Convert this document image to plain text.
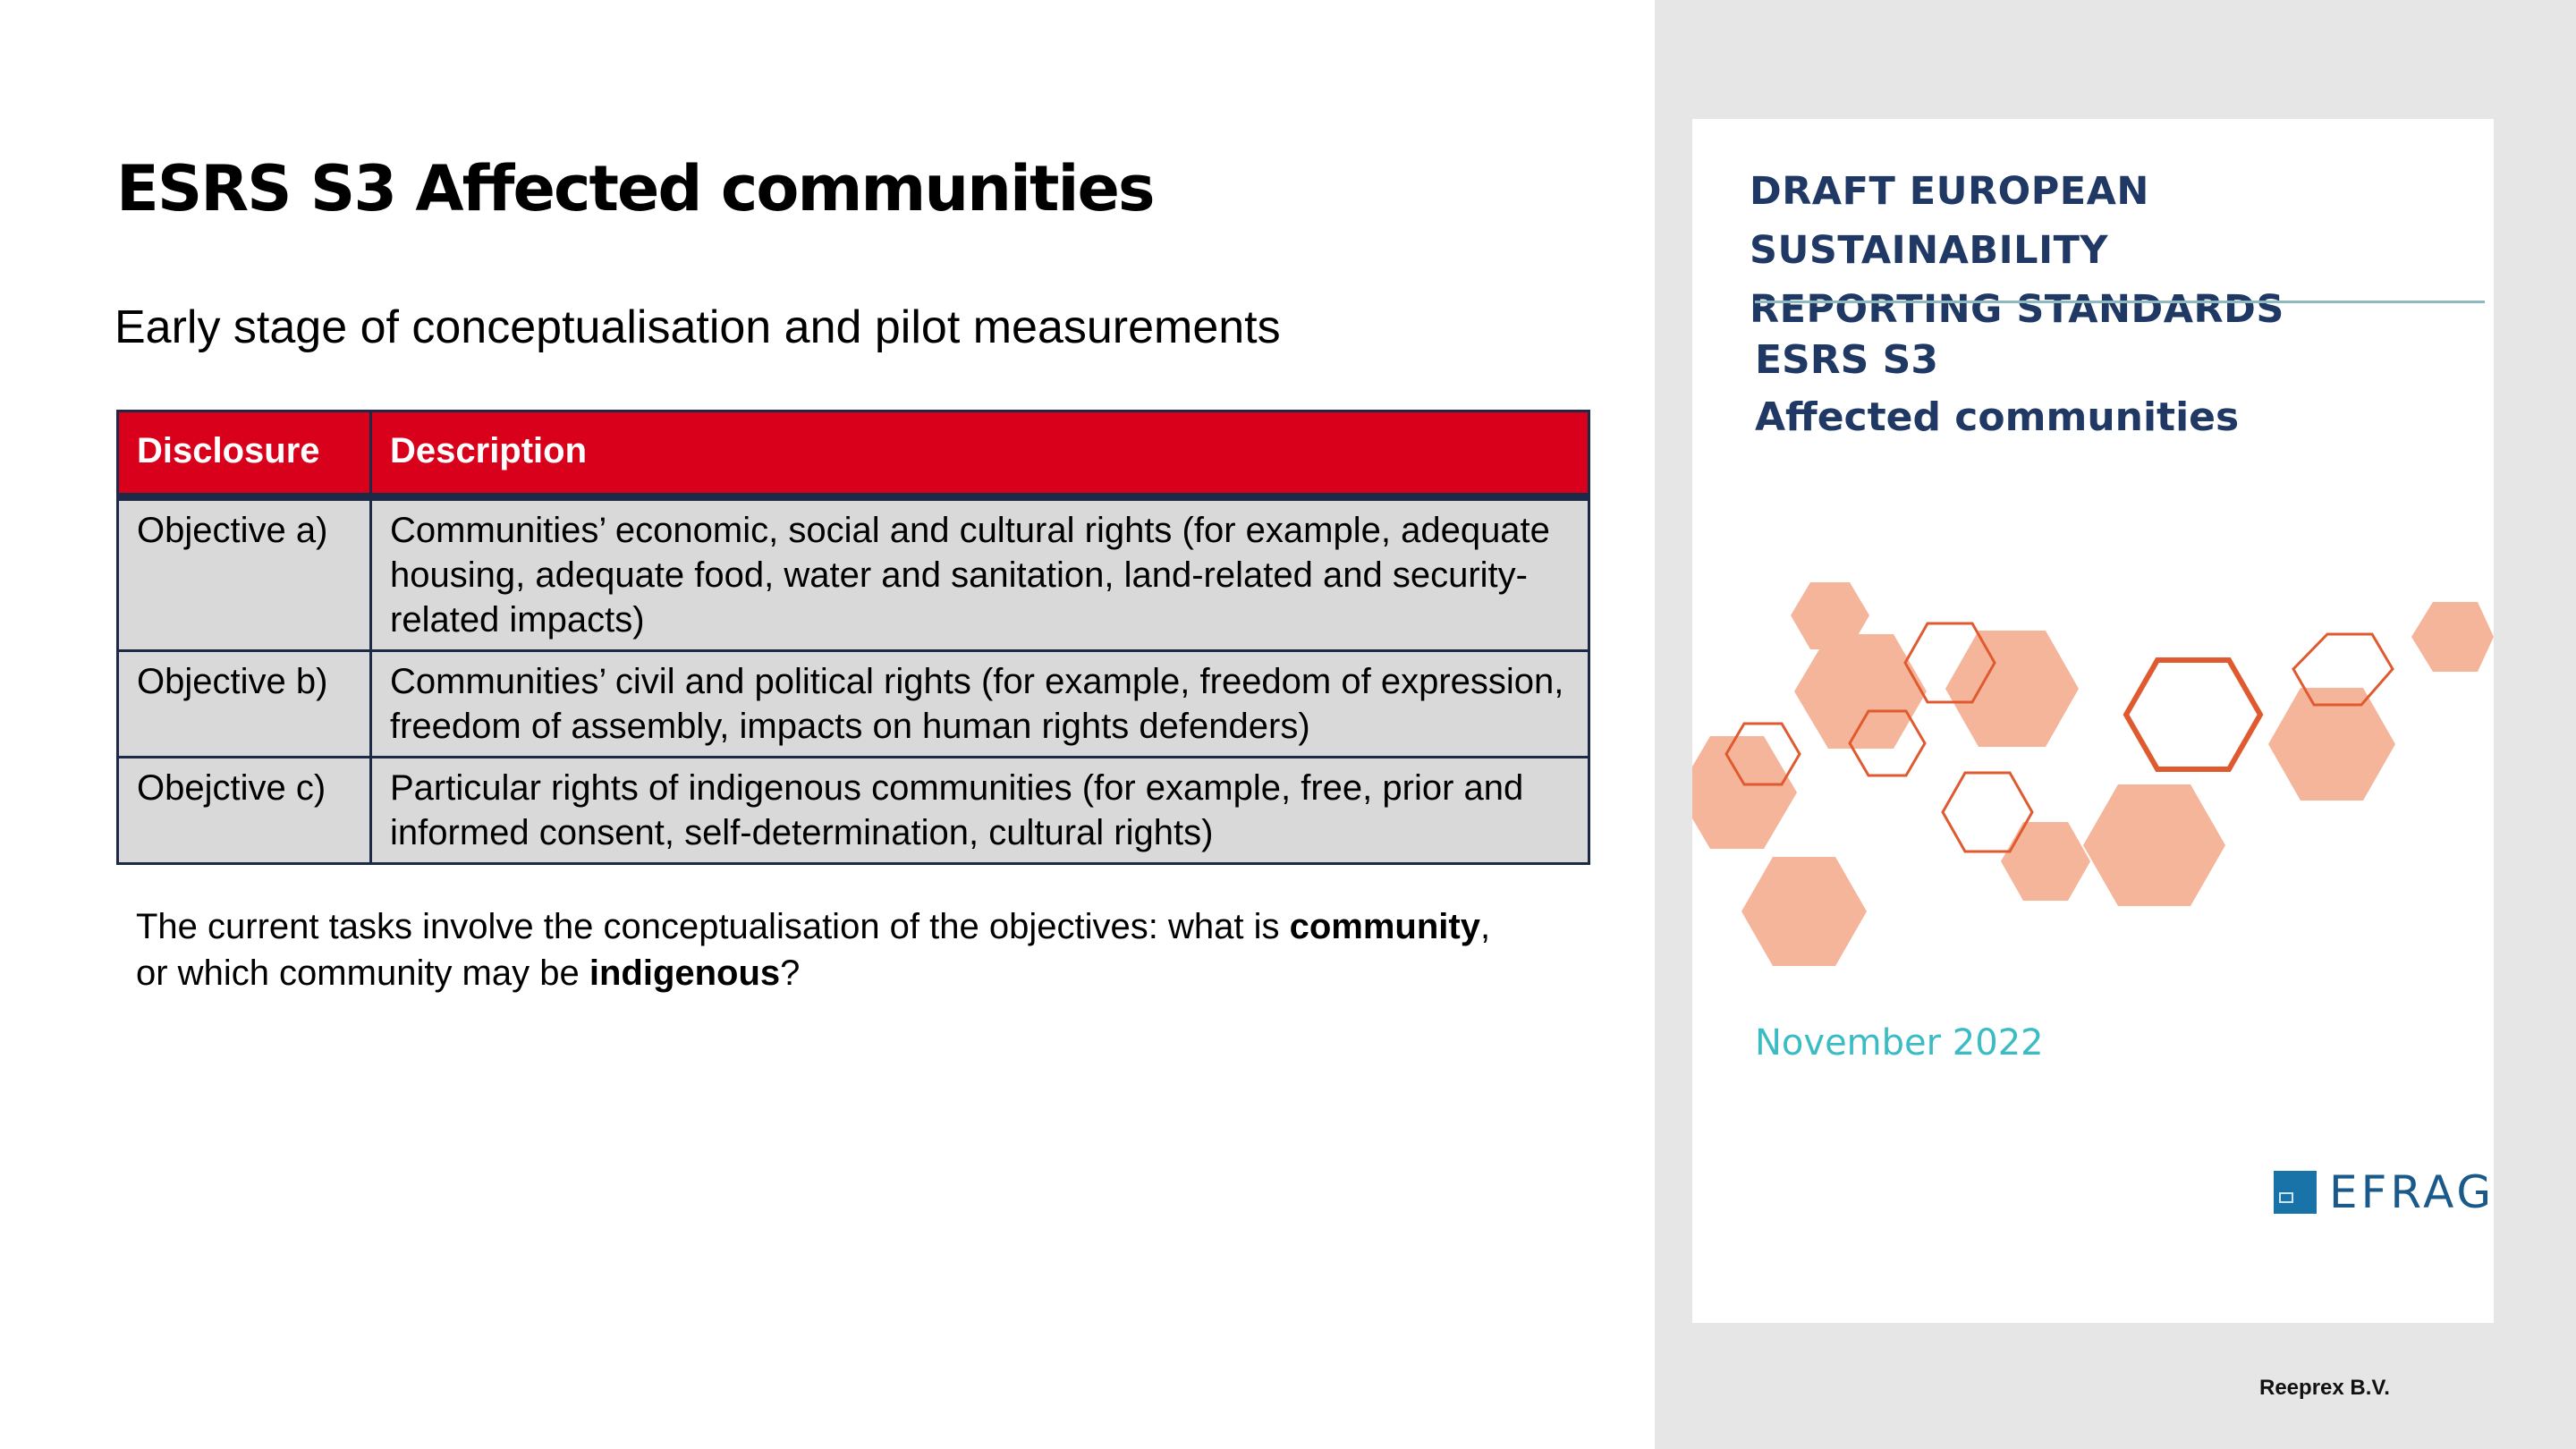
ESRS S3 Affected communities

Early stage of conceptualisation and pilot measurements

Disclosure	Description
Objective a)	Communities’ economic, social and cultural rights (for example, adequate housing, adequate food, water and sanitation, land-related and security-related impacts)
Objective b)	Communities’ civil and political rights (for example, freedom of expression, freedom of assembly, impacts on human rights defenders)
Obejctive c)	Particular rights of indigenous communities (for example, free, prior and informed consent, self-determination, cultural rights)

The current tasks involve the conceptualisation of the objectives: what is community,
or which community may be indigenous?

DRAFT EUROPEAN SUSTAINABILITY
REPORTING STANDARDS

ESRS S3
Affected communities

November 2022

EFRAG

Reeprex B.V.
